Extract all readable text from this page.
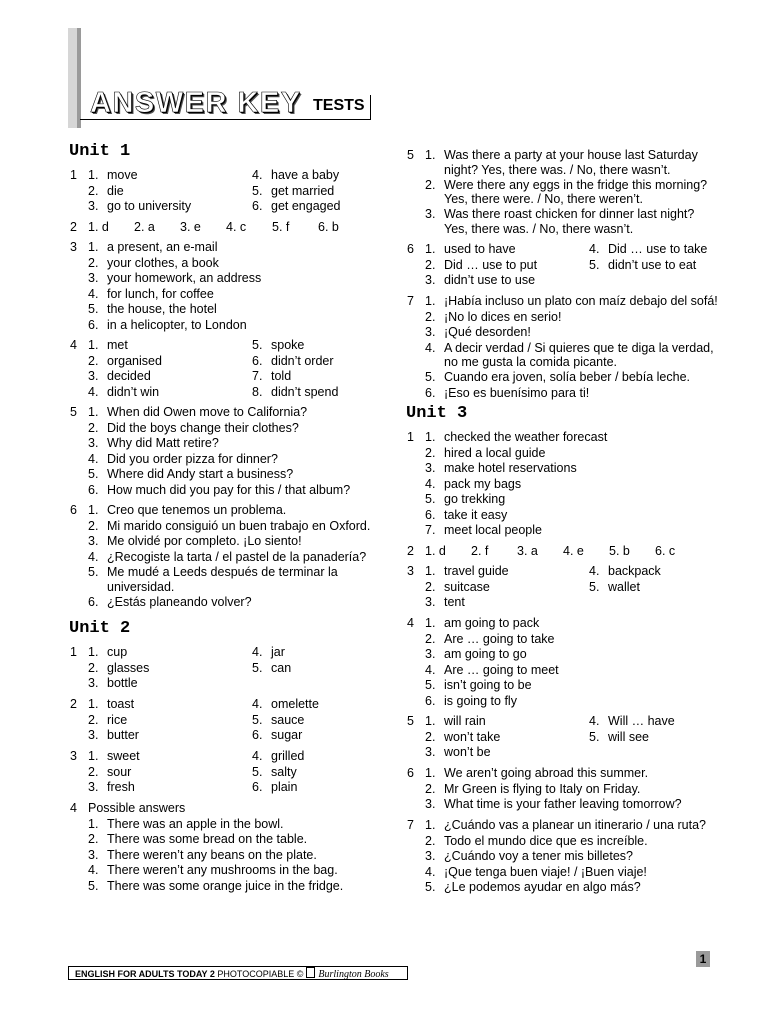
ANSWER KEY TESTS
Unit 1
1 1. move	4. have a baby
2. die	5. get married
3. go to university	6. get engaged
2 1. d 2. a 3. e 4. c 5. f 6. b
3 1. a present, an e-mail
2. your clothes, a book
3. your homework, an address
4. for lunch, for coffee
5. the house, the hotel
6. in a helicopter, to London
4 1. met	5. spoke
2. organised	6. didn’t order
3. decided	7. told
4. didn’t win	8. didn’t spend
5 1. When did Owen move to California?
2. Did the boys change their clothes?
3. Why did Matt retire?
4. Did you order pizza for dinner?
5. Where did Andy start a business?
6. How much did you pay for this / that album?
6 1. Creo que tenemos un problema.
2. Mi marido consiguió un buen trabajo en Oxford.
3. Me olvidé por completo. ¡Lo siento!
4. ¿Recogiste la tarta / el pastel de la panadería?
5. Me mudé a Leeds después de terminar la
universidad.
6. ¿Estás planeando volver?
Unit 2
1 1. cup	4. jar
2. glasses	5. can
3. bottle
2 1. toast	4. omelette
2. rice	5. sauce
3. butter	6. sugar
3 1. sweet	4. grilled
2. sour	5. salty
3. fresh	6. plain
4 Possible answers
1. There was an apple in the bowl.
2. There was some bread on the table.
3. There weren’t any beans on the plate.
4. There weren’t any mushrooms in the bag.
5. There was some orange juice in the fridge.
5 1. Was there a party at your house last Saturday
night? Yes, there was. / No, there wasn’t.
2. Were there any eggs in the fridge this morning?
Yes, there were. / No, there weren’t.
3. Was there roast chicken for dinner last night?
Yes, there was. / No, there wasn’t.
6 1. used to have	4. Did … use to take
2. Did … use to put	5. didn’t use to eat
3. didn’t use to use
7 1. ¡Había incluso un plato con maíz debajo del sofá!
2. ¡No lo dices en serio!
3. ¡Qué desorden!
4. A decir verdad / Si quieres que te diga la verdad,
no me gusta la comida picante.
5. Cuando era joven, solía beber / bebía leche.
6. ¡Eso es buenísimo para ti!
Unit 3
1 1. checked the weather forecast
2. hired a local guide
3. make hotel reservations
4. pack my bags
5. go trekking
6. take it easy
7. meet local people
2 1. d 2. f 3. a 4. e 5. b 6. c
3 1. travel guide	4. backpack
2. suitcase	5. wallet
3. tent
4 1. am going to pack
2. Are … going to take
3. am going to go
4. Are … going to meet
5. isn’t going to be
6. is going to fly
5 1. will rain	4. Will … have
2. won’t take	5. will see
3. won’t be
6 1. We aren’t going abroad this summer.
2. Mr Green is flying to Italy on Friday.
3. What time is your father leaving tomorrow?
7 1. ¿Cuándo vas a planear un itinerario / una ruta?
2. Todo el mundo dice que es increíble.
3. ¿Cuándo voy a tener mis billetes?
4. ¡Que tenga buen viaje! / ¡Buen viaje!
5. ¿Le podemos ayudar en algo más?
ENGLISH FOR ADULTS TODAY 2 PHOTOCOPIABLE © Burlington Books
1
